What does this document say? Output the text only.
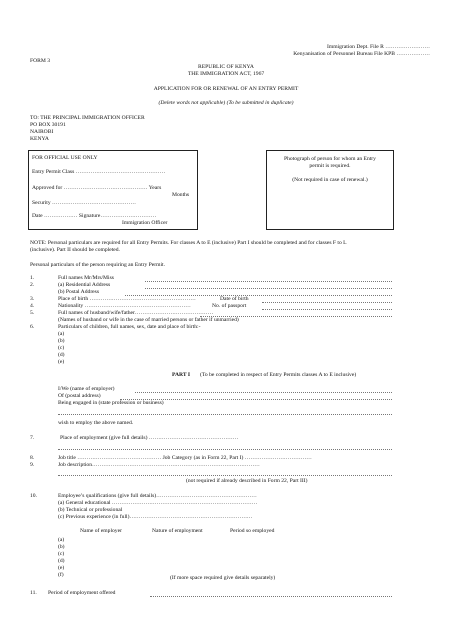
Immigration Dept. File R ……………………
Kenyanisation of Personnel Bureau File KPB ………………
FORM 3
REPUBLIC OF KENYA
THE IMMIGRATION ACT, 1967
APPLICATION FOR OR RENEWAL OF AN ENTRY PERMIT
(Delete words not applicable) (To be submitted in duplicate)
TO: THE PRINCIPAL IMMIGRATION OFFICER
PO BOX 30191
NAIROBI
KENYA
FOR OFFICIAL USE ONLY
Entry Permit Class …………………………………………
Approved for ……………………………………… Years
Months
Security ………………………………………
Date ……………… Signature…………………………
Immigration Officer
Photograph of person for whom an Entry
permit is required.
(Not required in case of renewal.)
NOTE: Personal particulars are required for all Entry Permits. For classes A to E (inclusive) Part I should be completed and for classes F to L
(inclusive). Part II should be completed.
Personal particulars of the person requiring an Entry Permit.
1.	Full names Mr/Mrs/Miss
2.	(a) Residential Address
(b) Postal Address
3.	Place of birth …………………………………………………	Date of birth
4.	Nationality …………………………………………………	No. of passport
5.	Full names of husband/wife/father……………………………………
(Names of husband or wife in the case of married persons or father if unmarried)
6.	Particulars of children, full names, sex, date and place of birth:-
(a)
(b)
(c)
(d)
(e)
PART I (To be completed in respect of Entry Permits classes A to E inclusive)
I/We (name of employer)
Of (postal address)
Being engaged in (state profession or business)
wish to employ the above named.
7.	Place of employment (give full details) …………………………………………
8.	Job title ……………………………………… Job Category (as in Form 22, Part I) ………………………………
9.	Job description………………………………………………………………………………
(not required if already described in Form 22, Part III)
10.	Employee’s qualifications (give full details)………………………………………………
(a) General educational ……………………………………………………………………
(b) Technical or professional
(c) Previous experience (in full)…………………………………………………………
Name of employer	Nature of employment	Period so employed
(a)
(b)
(c)
(d)
(e)
(f)	(If more space required give details separately)
11. Period of employment offered
